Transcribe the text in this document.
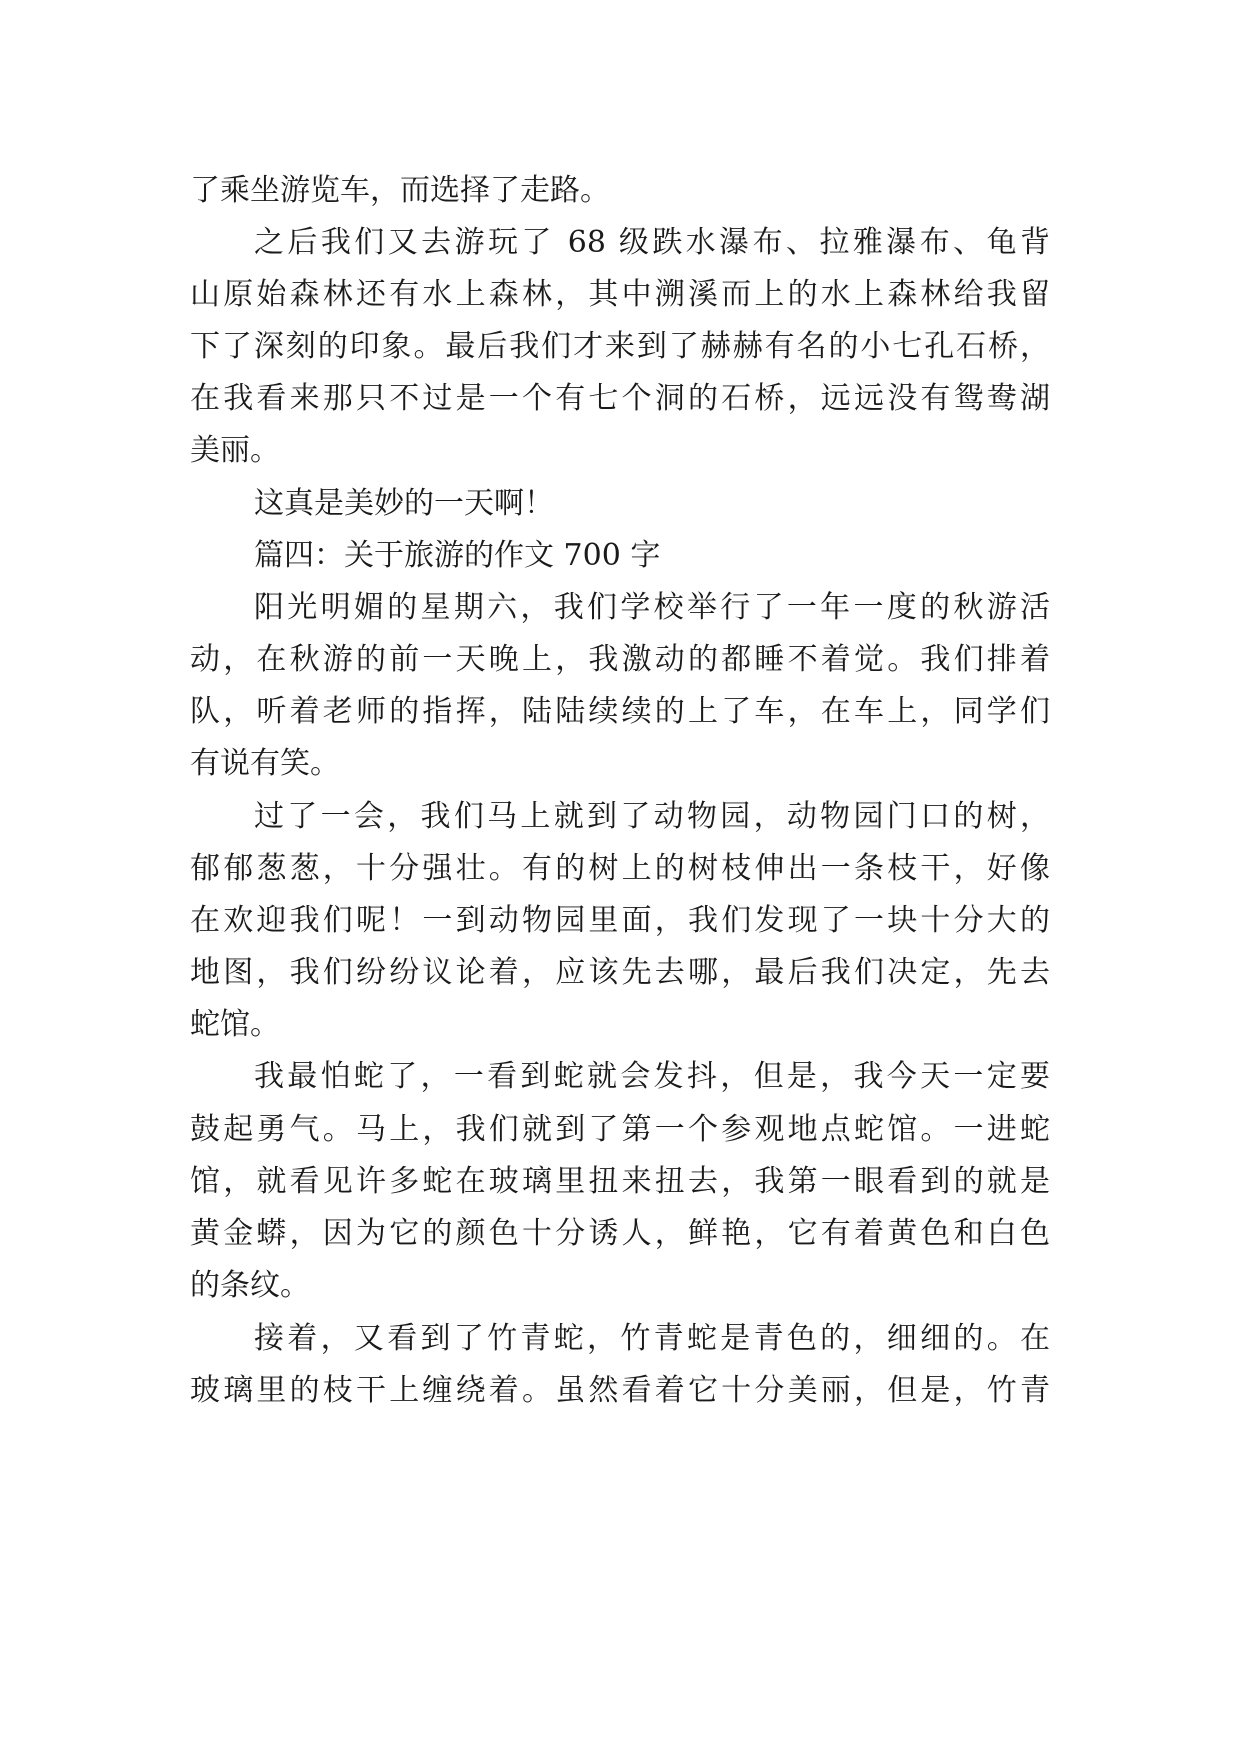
了乘坐游览车，而选择了走路。
之后我们又去游玩了 68 级跌水瀑布、拉雅瀑布、龟背
山原始森林还有水上森林，其中溯溪而上的水上森林给我留
下了深刻的印象。最后我们才来到了赫赫有名的小七孔石桥，
在我看来那只不过是一个有七个洞的石桥，远远没有鸳鸯湖
美丽。
这真是美妙的一天啊！
篇四：关于旅游的作文 700 字
阳光明媚的星期六，我们学校举行了一年一度的秋游活
动，在秋游的前一天晚上，我激动的都睡不着觉。我们排着
队，听着老师的指挥，陆陆续续的上了车，在车上，同学们
有说有笑。
过了一会，我们马上就到了动物园，动物园门口的树，
郁郁葱葱，十分强壮。有的树上的树枝伸出一条枝干，好像
在欢迎我们呢！一到动物园里面，我们发现了一块十分大的
地图，我们纷纷议论着，应该先去哪，最后我们决定，先去
蛇馆。
我最怕蛇了，一看到蛇就会发抖，但是，我今天一定要
鼓起勇气。马上，我们就到了第一个参观地点蛇馆。一进蛇
馆，就看见许多蛇在玻璃里扭来扭去，我第一眼看到的就是
黄金蟒，因为它的颜色十分诱人，鲜艳，它有着黄色和白色
的条纹。
接着，又看到了竹青蛇，竹青蛇是青色的，细细的。在
玻璃里的枝干上缠绕着。虽然看着它十分美丽，但是，竹青
